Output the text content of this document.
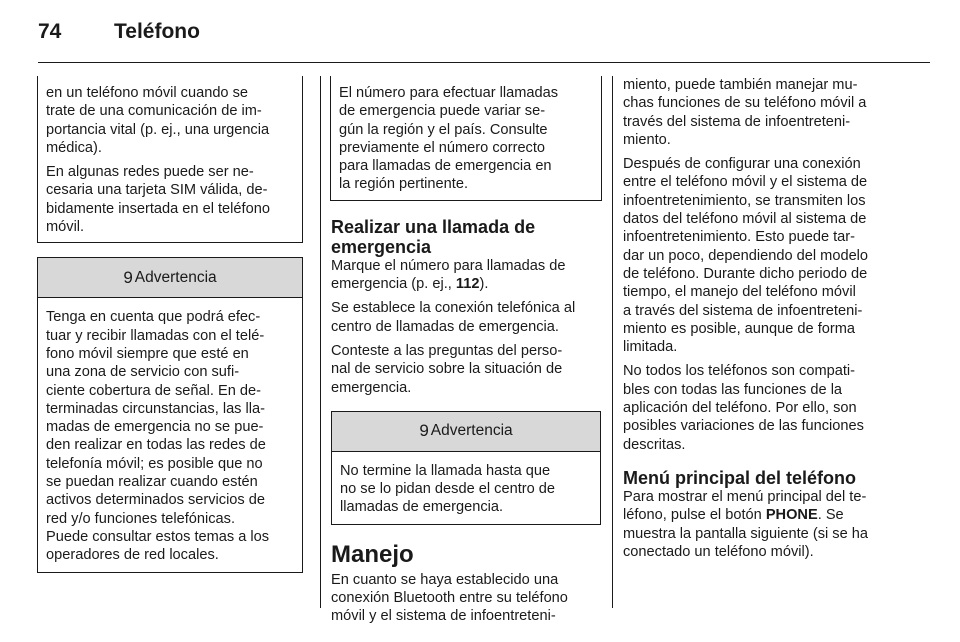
74	Teléfono
en un teléfono móvil cuando se
trate de una comunicación de im-
portancia vital (p. ej., una urgencia
médica).
En algunas redes puede ser ne-
cesaria una tarjeta SIM válida, de-
bidamente insertada en el teléfono
móvil.
9 Advertencia
Tenga en cuenta que podrá efec-
tuar y recibir llamadas con el telé-
fono móvil siempre que esté en
una zona de servicio con sufi-
ciente cobertura de señal. En de-
terminadas circunstancias, las lla-
madas de emergencia no se pue-
den realizar en todas las redes de
telefonía móvil; es posible que no
se puedan realizar cuando estén
activos determinados servicios de
red y/o funciones telefónicas.
Puede consultar estos temas a los
operadores de red locales.
El número para efectuar llamadas
de emergencia puede variar se-
gún la región y el país. Consulte
previamente el número correcto
para llamadas de emergencia en
la región pertinente.
Realizar una llamada de
emergencia
Marque el número para llamadas de
emergencia (p. ej., 112).
Se establece la conexión telefónica al
centro de llamadas de emergencia.
Conteste a las preguntas del perso-
nal de servicio sobre la situación de
emergencia.
9 Advertencia
No termine la llamada hasta que
no se lo pidan desde el centro de
llamadas de emergencia.
Manejo
En cuanto se haya establecido una
conexión Bluetooth entre su teléfono
móvil y el sistema de infoentreteni-
miento, puede también manejar mu-
chas funciones de su teléfono móvil a
través del sistema de infoentreteni-
miento.
Después de configurar una conexión
entre el teléfono móvil y el sistema de
infoentretenimiento, se transmiten los
datos del teléfono móvil al sistema de
infoentretenimiento. Esto puede tar-
dar un poco, dependiendo del modelo
de teléfono. Durante dicho periodo de
tiempo, el manejo del teléfono móvil
a través del sistema de infoentreteni-
miento es posible, aunque de forma
limitada.
No todos los teléfonos son compati-
bles con todas las funciones de la
aplicación del teléfono. Por ello, son
posibles variaciones de las funciones
descritas.
Menú principal del teléfono
Para mostrar el menú principal del te-
léfono, pulse el botón PHONE. Se
muestra la pantalla siguiente (si se ha
conectado un teléfono móvil).
